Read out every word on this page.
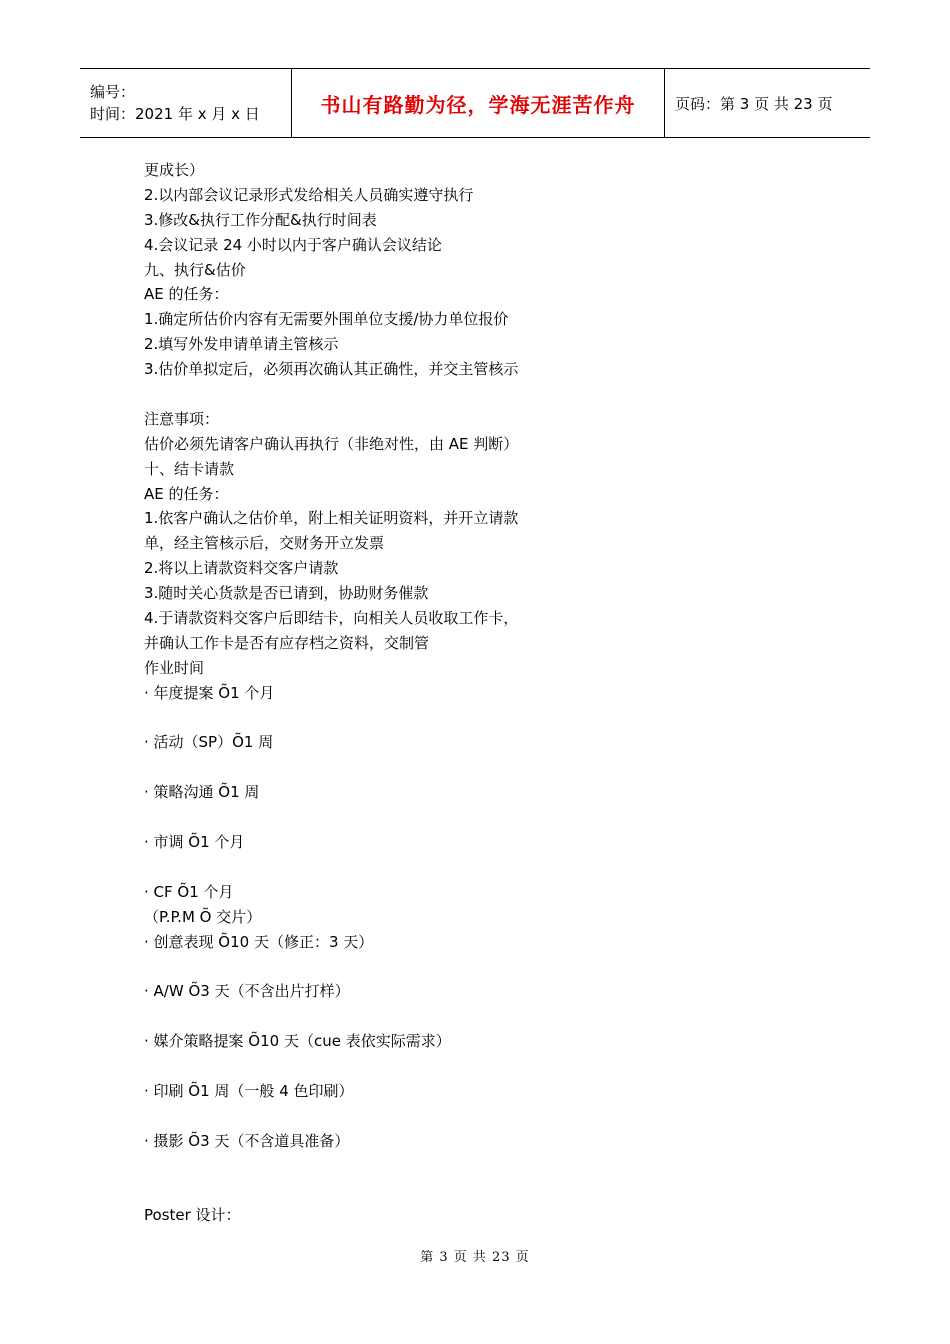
编号：
时间：2021 年 x 月 x 日	书山有路勤为径，学海无涯苦作舟	页码：第 3 页 共 23 页
更成长）
2.以内部会议记录形式发给相关人员确实遵守执行
3.修改&执行工作分配&执行时间表
4.会议记录 24 小时以内于客户确认会议结论
九、执行&估价
AE 的任务：
1.确定所估价内容有无需要外围单位支援/协力单位报价
2.填写外发申请单请主管核示
3.估价单拟定后，必须再次确认其正确性，并交主管核示
注意事项：
估价必须先请客户确认再执行（非绝对性，由 AE 判断）
十、结卡请款
AE 的任务：
1.依客户确认之估价单，附上相关证明资料，并开立请款
单，经主管核示后，交财务开立发票
2.将以上请款资料交客户请款
3.随时关心货款是否已请到，协助财务催款
4.于请款资料交客户后即结卡，向相关人员收取工作卡，
并确认工作卡是否有应存档之资料，交制管
作业时间
· 年度提案 Õ1 个月
· 活动（SP）Õ1 周
· 策略沟通 Õ1 周
· 市调 Õ1 个月
· CF Õ1 个月
（P.P.M Õ 交片）
· 创意表现 Õ10 天（修正：3 天）
· A/W Õ3 天（不含出片打样）
· 媒介策略提案 Õ10 天（cue 表依实际需求）
· 印刷 Õ1 周（一般 4 色印刷）
· 摄影 Õ3 天（不含道具准备）
Poster 设计：
第 3 页 共 23 页
